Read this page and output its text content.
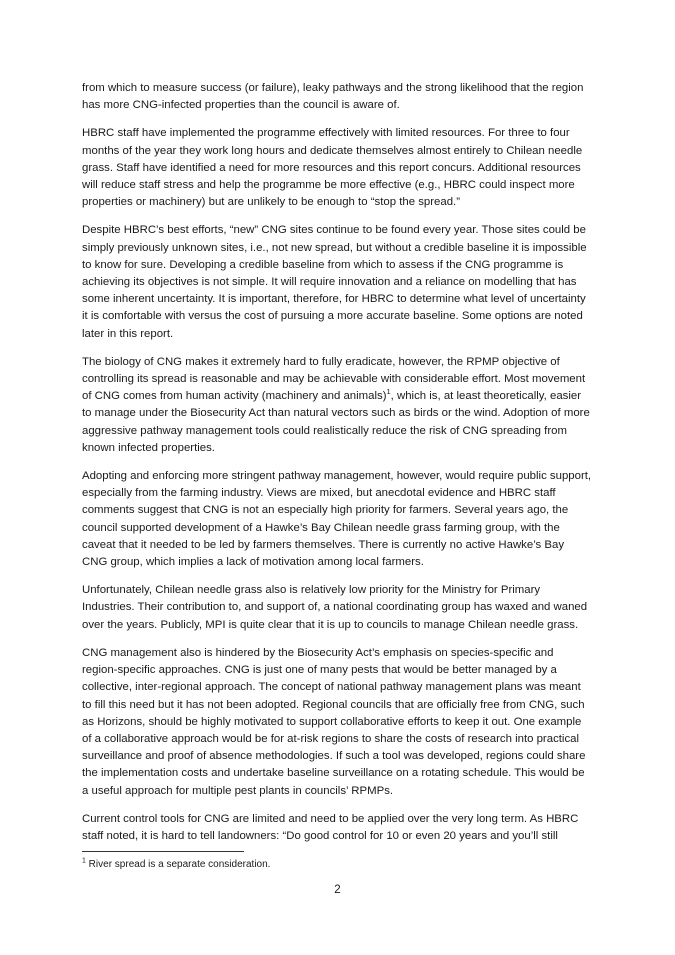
from which to measure success (or failure), leaky pathways and the strong likelihood that the region has more CNG-infected properties than the council is aware of.

HBRC staff have implemented the programme effectively with limited resources. For three to four months of the year they work long hours and dedicate themselves almost entirely to Chilean needle grass. Staff have identified a need for more resources and this report concurs. Additional resources will reduce staff stress and help the programme be more effective (e.g., HBRC could inspect more properties or machinery) but are unlikely to be enough to “stop the spread.”

Despite HBRC’s best efforts, “new” CNG sites continue to be found every year. Those sites could be simply previously unknown sites, i.e., not new spread, but without a credible baseline it is impossible to know for sure. Developing a credible baseline from which to assess if the CNG programme is achieving its objectives is not simple. It will require innovation and a reliance on modelling that has some inherent uncertainty. It is important, therefore, for HBRC to determine what level of uncertainty it is comfortable with versus the cost of pursuing a more accurate baseline. Some options are noted later in this report.

The biology of CNG makes it extremely hard to fully eradicate, however, the RPMP objective of controlling its spread is reasonable and may be achievable with considerable effort. Most movement of CNG comes from human activity (machinery and animals)$^1$, which is, at least theoretically, easier to manage under the Biosecurity Act than natural vectors such as birds or the wind. Adoption of more aggressive pathway management tools could realistically reduce the risk of CNG spreading from known infected properties.

Adopting and enforcing more stringent pathway management, however, would require public support, especially from the farming industry. Views are mixed, but anecdotal evidence and HBRC staff comments suggest that CNG is not an especially high priority for farmers. Several years ago, the council supported development of a Hawke’s Bay Chilean needle grass farming group, with the caveat that it needed to be led by farmers themselves. There is currently no active Hawke’s Bay CNG group, which implies a lack of motivation among local farmers.

Unfortunately, Chilean needle grass also is relatively low priority for the Ministry for Primary Industries. Their contribution to, and support of, a national coordinating group has waxed and waned over the years. Publicly, MPI is quite clear that it is up to councils to manage Chilean needle grass.

CNG management also is hindered by the Biosecurity Act’s emphasis on species-specific and region-specific approaches. CNG is just one of many pests that would be better managed by a collective, inter-regional approach. The concept of national pathway management plans was meant to fill this need but it has not been adopted. Regional councils that are officially free from CNG, such as Horizons, should be highly motivated to support collaborative efforts to keep it out. One example of a collaborative approach would be for at-risk regions to share the costs of research into practical surveillance and proof of absence methodologies. If such a tool was developed, regions could share the implementation costs and undertake baseline surveillance on a rotating schedule. This would be a useful approach for multiple pest plants in councils’ RPMPs.

Current control tools for CNG are limited and need to be applied over the very long term. As HBRC staff noted, it is hard to tell landowners: “Do good control for 10 or even 20 years and you’ll still

$^1$ River spread is a separate consideration.
2
